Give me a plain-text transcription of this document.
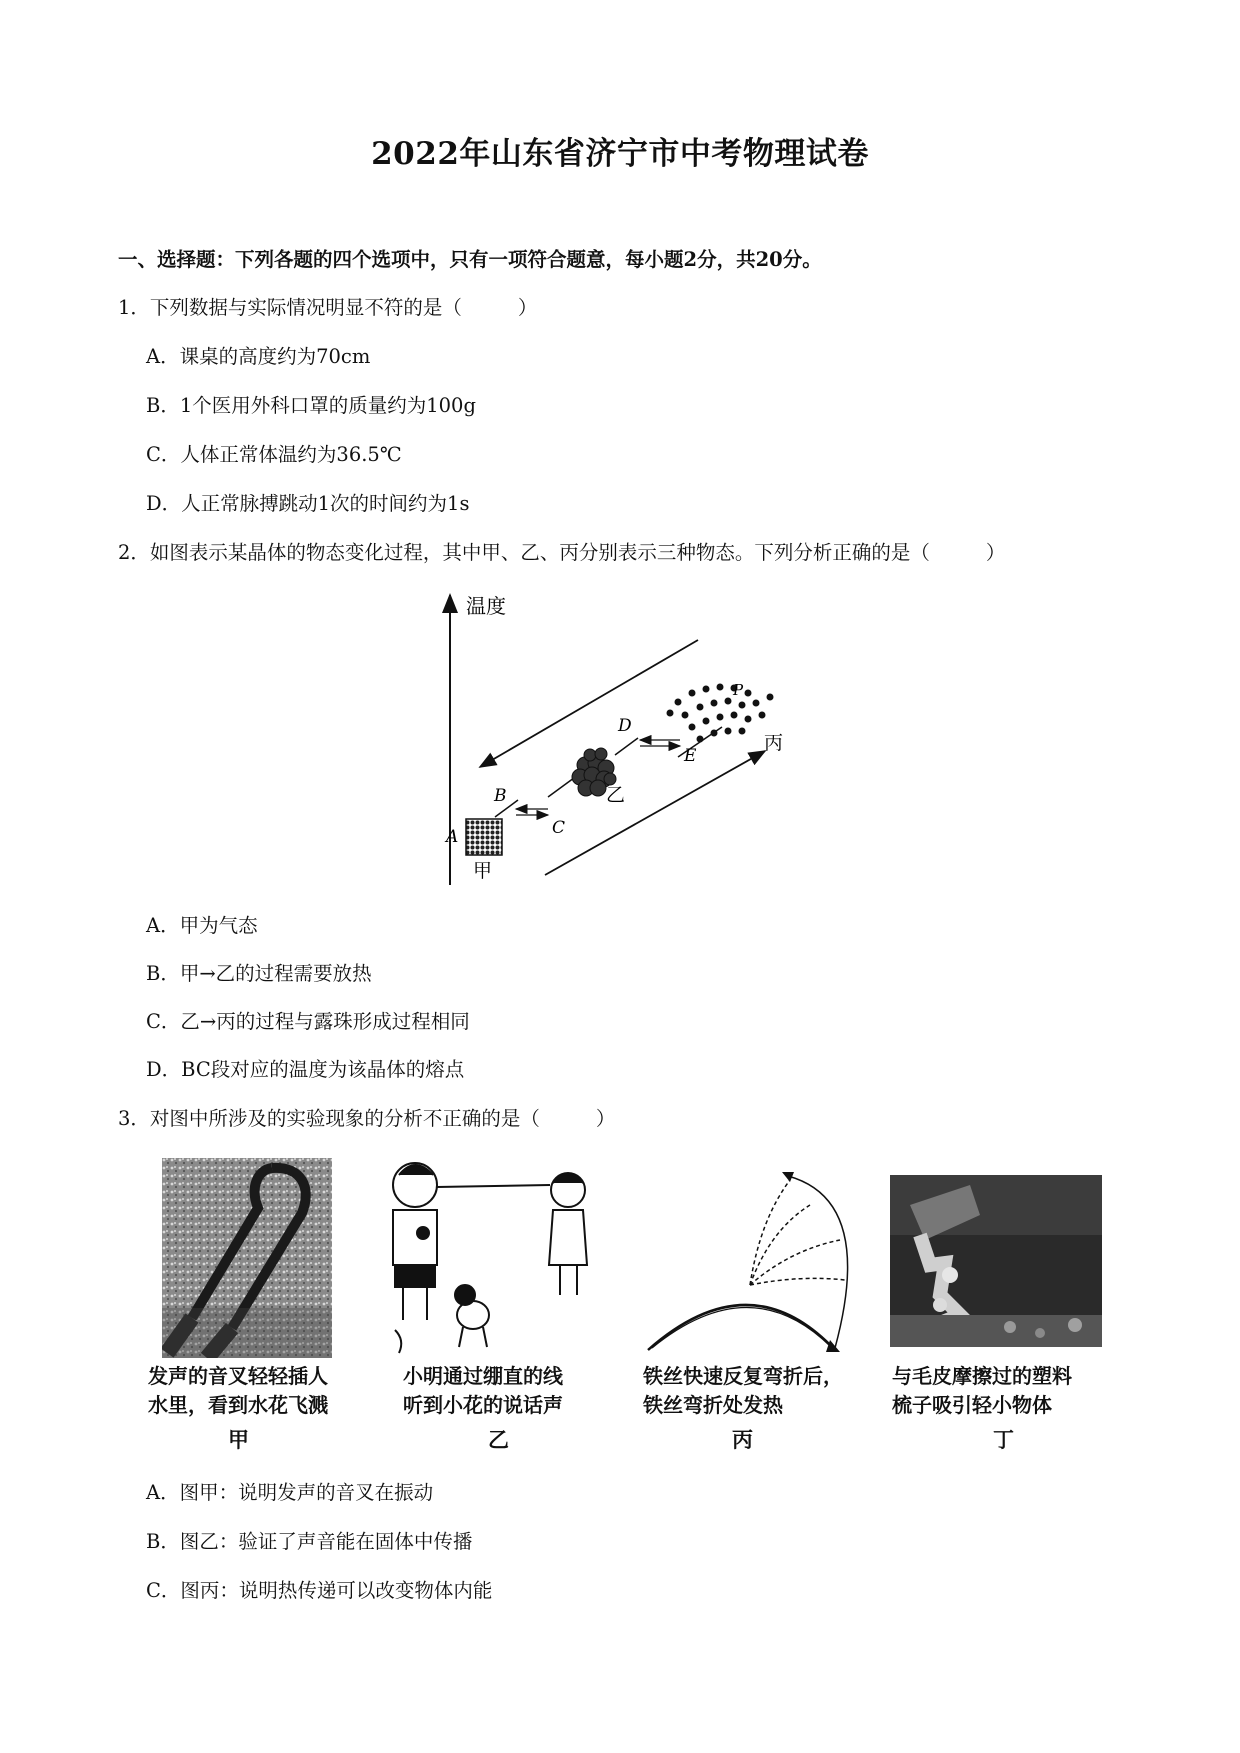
2022年山东省济宁市中考物理试卷
一、选择题：下列各题的四个选项中，只有一项符合题意，每小题2分，共20分。
1．下列数据与实际情况明显不符的是（	）
A．课桌的高度约为70cm
B．1个医用外科口罩的质量约为100g
C．人体正常体温约为36.5℃
D．人正常脉搏跳动1次的时间约为1s
2．如图表示某晶体的物态变化过程，其中甲、乙、丙分别表示三种物态。下列分析正确的是（	）
温度
A
B
C
D
E
P
甲
乙
丙
A．甲为气态
B．甲→乙的过程需要放热
C．乙→丙的过程与露珠形成过程相同
D．BC段对应的温度为该晶体的熔点
3．对图中所涉及的实验现象的分析不正确的是（	）
发声的音叉轻轻插人
水里，看到水花飞溅
甲
小明通过绷直的线
听到小花的说话声
乙
铁丝快速反复弯折后，
铁丝弯折处发热
丙
与毛皮摩擦过的塑料
梳子吸引轻小物体
丁
A．图甲：说明发声的音叉在振动
B．图乙：验证了声音能在固体中传播
C．图丙：说明热传递可以改变物体内能
